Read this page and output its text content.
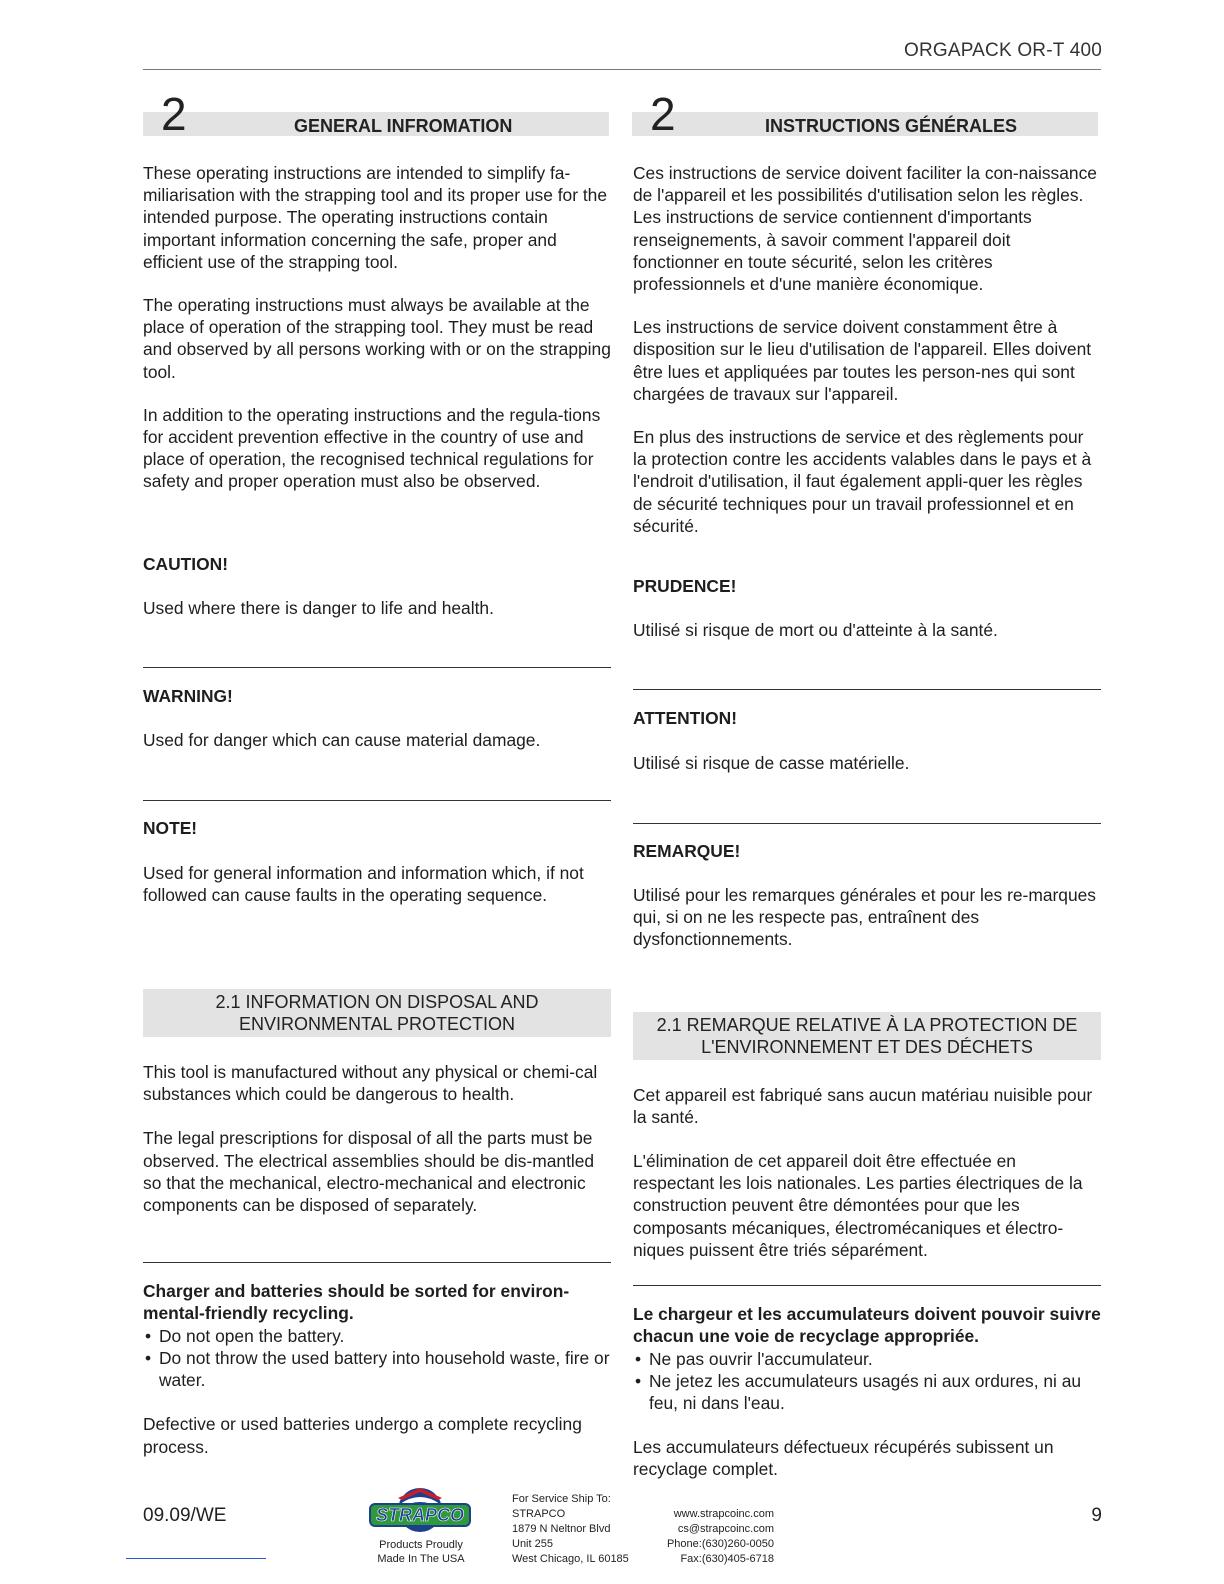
ORGAPACK OR-T 400
2	GENERAL INFROMATION	2	INSTRUCTIONS GÉNÉRALES

These operating instructions are intended to simplify fa-miliarisation with the strapping tool and its proper use for the intended purpose. The operating instructions contain important information concerning the safe, proper and efficient use of the strapping tool.

The operating instructions must always be available at the place of operation of the strapping tool. They must be read and observed by all persons working with or on the strapping tool.

In addition to the operating instructions and the regula-tions for accident prevention effective in the country of use and place of operation, the recognised technical regulations for safety and proper operation must also be observed.

CAUTION!

Used where there is danger to life and health.

WARNING!

Used for danger which can cause material damage.

NOTE!

Used for general information and information which, if not followed can cause faults in the operating sequence.

2.1 INFORMATION ON DISPOSAL AND ENVIRONMENTAL PROTECTION

This tool is manufactured without any physical or chemi-cal substances which could be dangerous to health.

The legal prescriptions for disposal of all the parts must be observed. The electrical assemblies should be dis-mantled so that the mechanical, electro-mechanical and electronic components can be disposed of separately.

Charger and batteries should be sorted for environ-mental-friendly recycling.

• Do not open the battery.
• Do not throw the used battery into household waste, fire or water.

Defective or used batteries undergo a complete recycling process.

Ces instructions de service doivent faciliter la con-naissance de l'appareil et les possibilités d'utilisation selon les règles. Les instructions de service contiennent d'importants renseignements, à savoir comment l'appareil doit fonctionner en toute sécurité, selon les critères professionnels et d'une manière économique.

Les instructions de service doivent constamment être à disposition sur le lieu d'utilisation de l'appareil. Elles doivent être lues et appliquées par toutes les person-nes qui sont chargées de travaux sur l'appareil.

En plus des instructions de service et des règlements pour la protection contre les accidents valables dans le pays et à l'endroit d'utilisation, il faut également appli-quer les règles de sécurité techniques pour un travail professionnel et en sécurité.

PRUDENCE!

Utilisé si risque de mort ou d'atteinte à la santé.

ATTENTION!

Utilisé si risque de casse matérielle.

REMARQUE!

Utilisé pour les remarques générales et pour les re-marques qui, si on ne les respecte pas, entraînent des dysfonctionnements.

2.1 REMARQUE RELATIVE À LA PROTECTION DE L'ENVIRONNEMENT ET DES DÉCHETS

Cet appareil est fabriqué sans aucun matériau nuisible pour la santé.

L'élimination de cet appareil doit être effectuée en respectant les lois nationales. Les parties électriques de la construction peuvent être démontées pour que les composants mécaniques, électromécaniques et électro-niques puissent être triés séparément.

Le chargeur et les accumulateurs doivent pouvoir suivre chacun une voie de recyclage appropriée.

• Ne pas ouvrir l'accumulateur.
• Ne jetez les accumulateurs usagés ni aux ordures, ni au feu, ni dans l'eau.

Les accumulateurs défectueux récupérés subissent un recyclage complet.

09.09/WE	9
STRAPCO
Products Proudly
Made In The USA
For Service Ship To:
STRAPCO
1879 N Neltnor Blvd
Unit 255
West Chicago, IL 60185
www.strapcoinc.com
cs@strapcoinc.com
Phone:(630)260-0050
Fax:(630)405-6718
